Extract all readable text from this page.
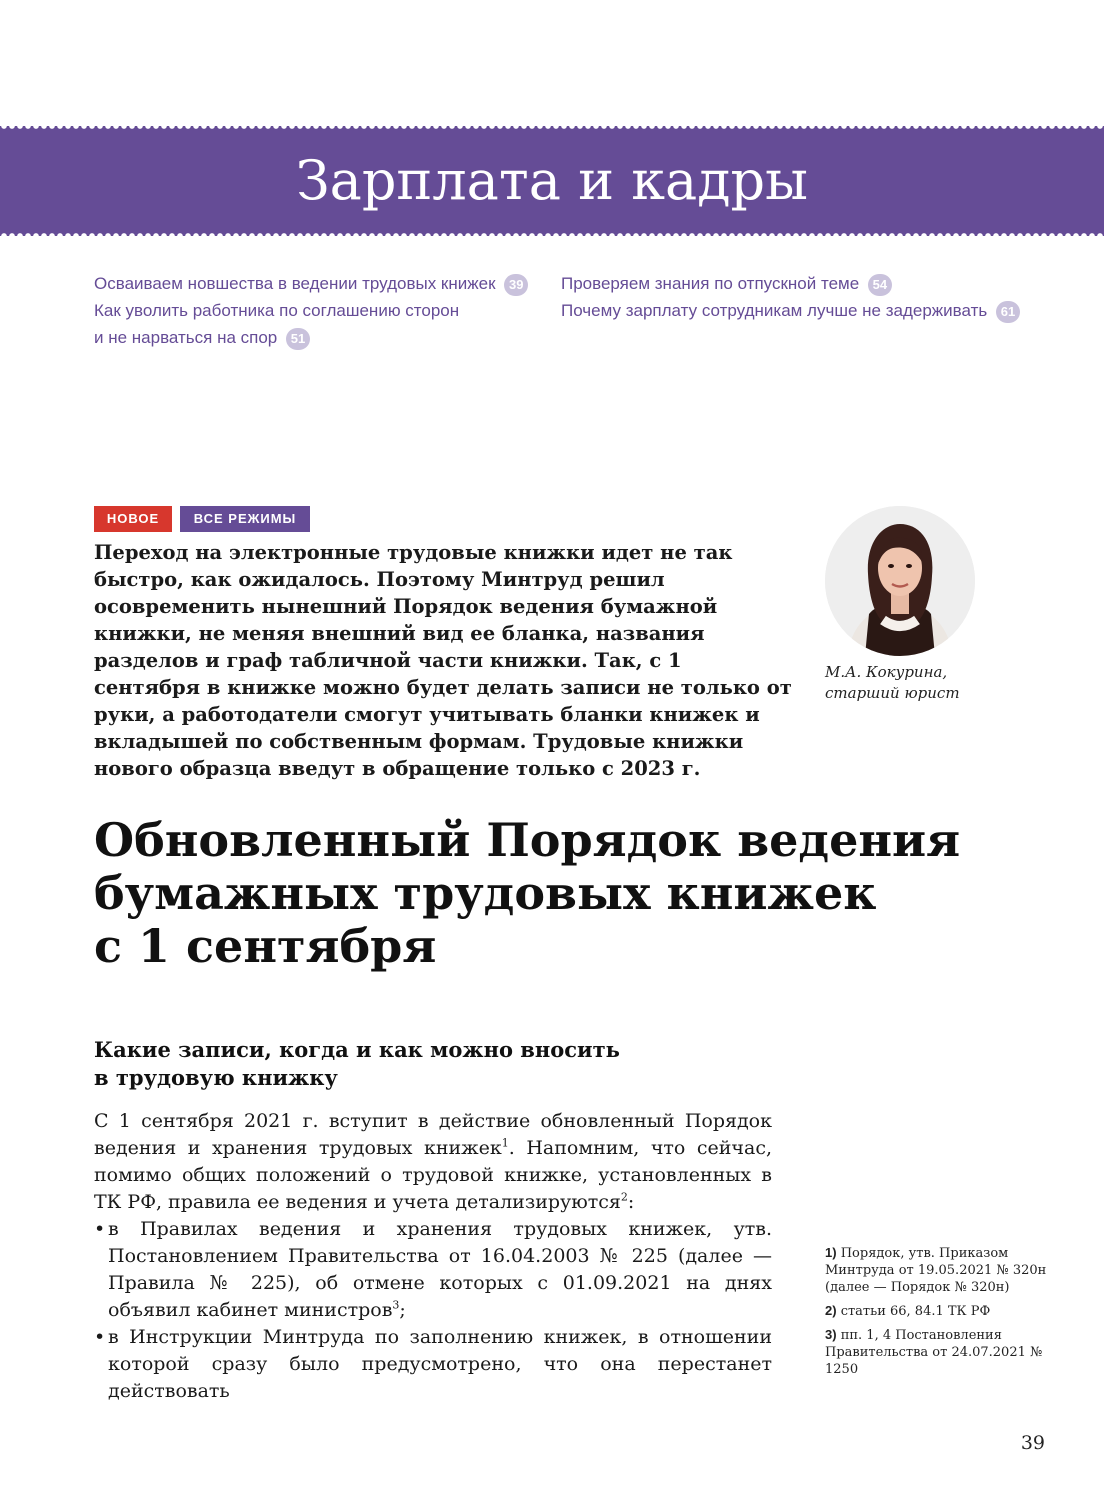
Зарплата и кадры
Осваиваем новшества в ведении трудовых книжек 39
Как уволить работника по соглашению сторон
и не нарваться на спор 51
Проверяем знания по отпускной теме 54
Почему зарплату сотрудникам лучше не задерживать 61
НОВОЕ	ВСЕ РЕЖИМЫ

Переход на электронные трудовые книжки идет не так быстро, как ожидалось. Поэтому Минтруд решил осовременить нынешний Порядок ведения бумажной книжки, не меняя внешний вид ее бланка, названия разделов и граф табличной части книжки. Так, с 1 сентября в книжке можно будет делать записи не только от руки, а работодатели смогут учитывать бланки книжек и вкладышей по собственным формам. Трудовые книжки нового образца введут в обращение только с 2023 г.

М.А. Кокурина,
старший юрист
Обновленный Порядок ведения
бумажных трудовых книжек
с 1 сентября
Какие записи, когда и как можно вносить
в трудовую книжку

С 1 сентября 2021 г. вступит в действие обновленный Порядок ведения и хранения трудовых книжек$^1$. Напомним, что сейчас, помимо общих положений о трудовой книжке, установленных в ТК РФ, правила ее ведения и учета детализируются$^2$:

• в Правилах ведения и хранения трудовых книжек, утв. Постановлением Правительства от 16.04.2003 № 225 (далее — Правила № 225), об отмене которых с 01.09.2021 на днях объявил кабинет министров$^3$;
• в Инструкции Минтруда по заполнению книжек, в отношении которой сразу было предусмотрено, что она перестанет действовать
1) Порядок, утв. Приказом Минтруда от 19.05.2021 № 320н (далее — Порядок № 320н)
2) статьи 66, 84.1 ТК РФ
3) пп. 1, 4 Постановления Правительства от 24.07.2021 № 1250
39
